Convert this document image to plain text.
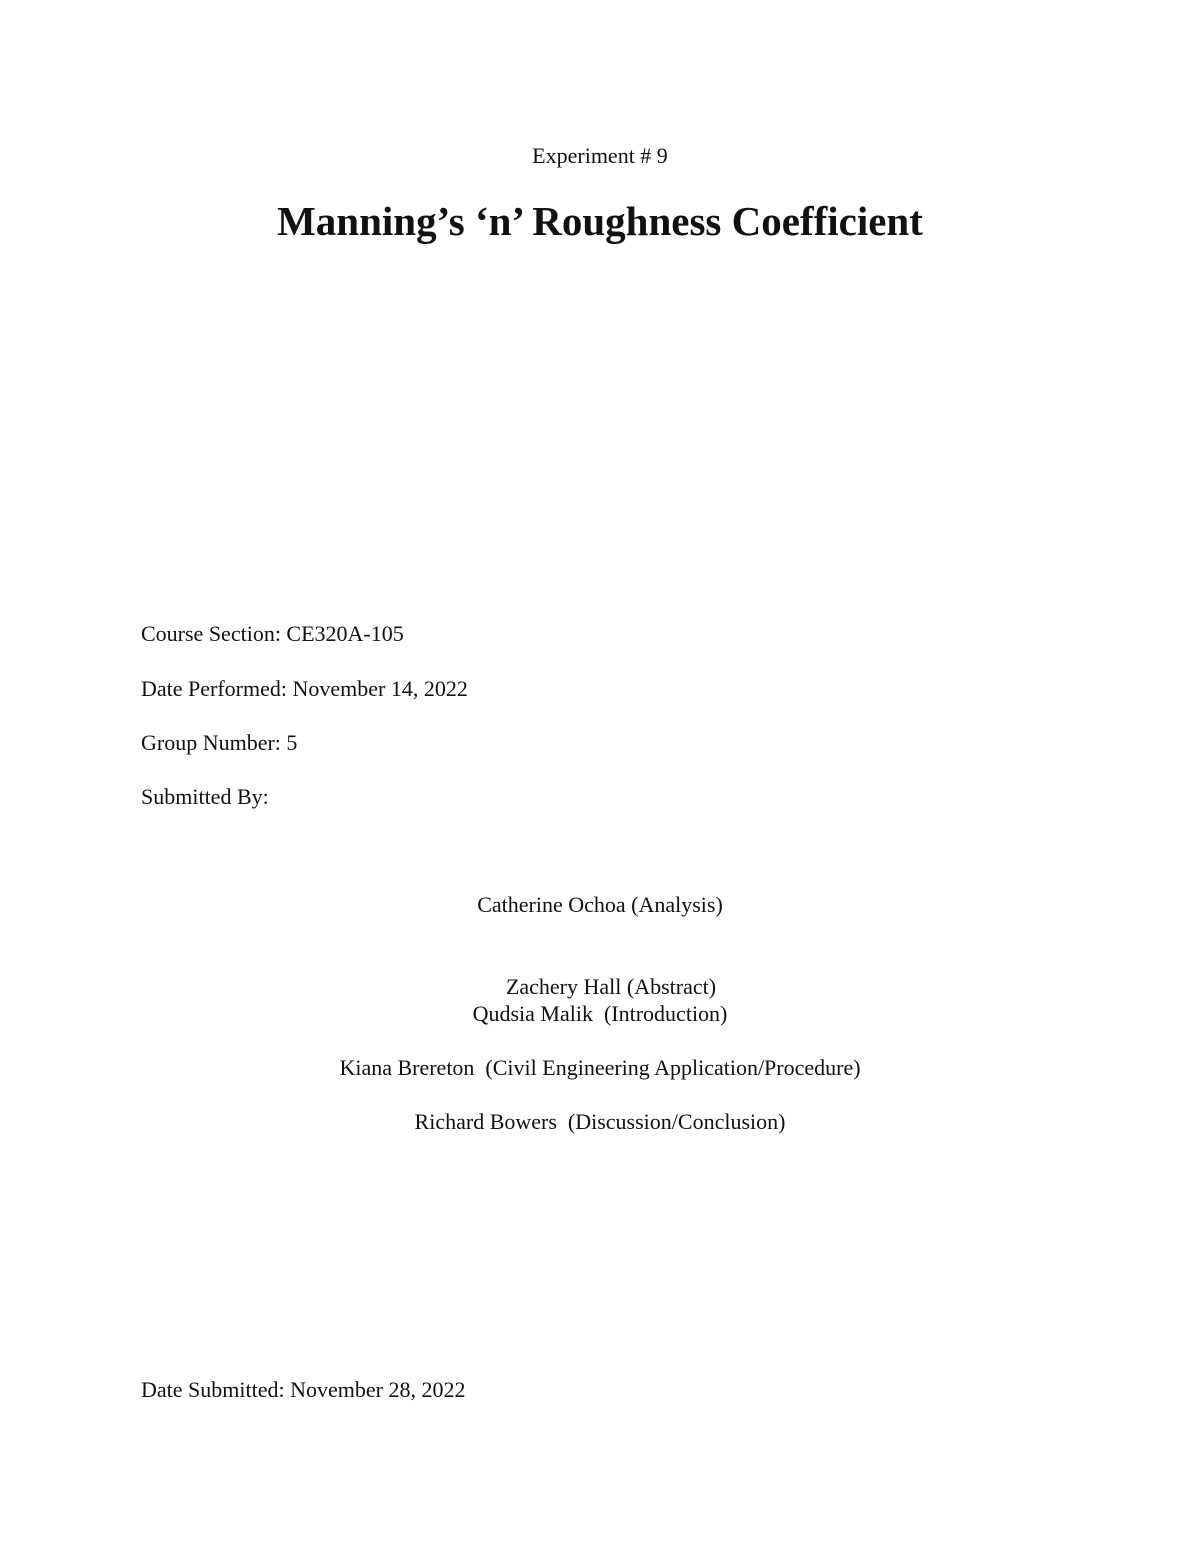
Experiment # 9
Manning’s ‘n’ Roughness Coefficient
Course Section: CE320A-105
Date Performed: November 14, 2022
Group Number: 5
Submitted By:
Catherine Ochoa (Analysis)

Zachery Hall (Abstract)

Qudsia Malik  (Introduction)
Kiana Brereton  (Civil Engineering Application/Procedure)
Richard Bowers  (Discussion/Conclusion)
Date Submitted: November 28, 2022
